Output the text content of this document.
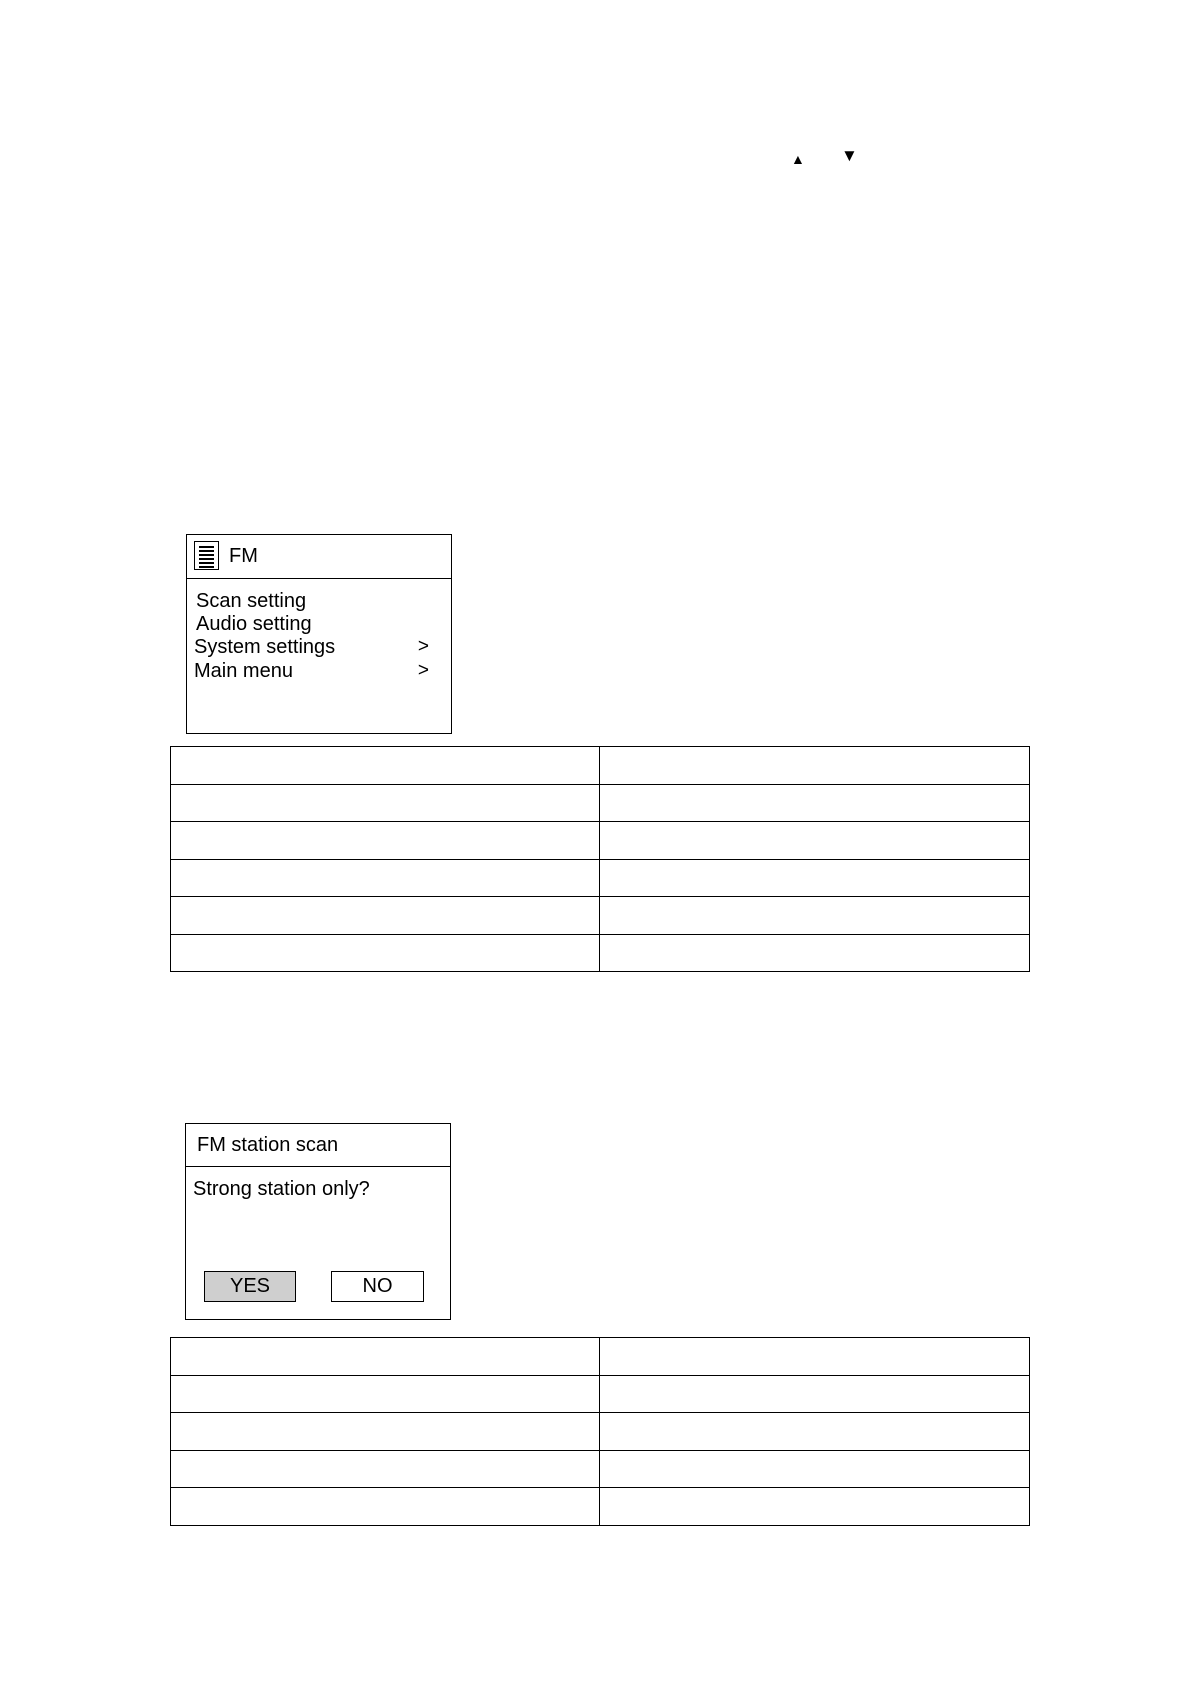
▲ ▼
FM
Scan setting
Audio setting
System settings	>
Main menu	>

FM station scan
Strong station only?
YES	NO
